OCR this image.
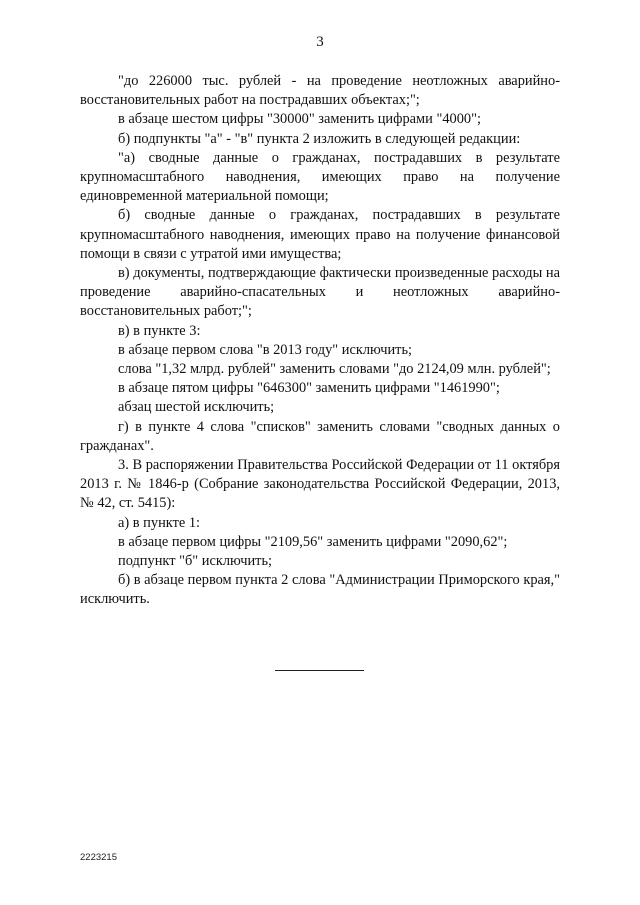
3

"до 226000 тыс. рублей - на проведение неотложных аварийно-восстановительных работ на пострадавших объектах;";

в абзаце шестом цифры "30000" заменить цифрами "4000";

б) подпункты "а" - "в" пункта 2 изложить в следующей редакции:

"а) сводные данные о гражданах, пострадавших в результате крупномасштабного наводнения, имеющих право на получение единовременной материальной помощи;

б) сводные данные о гражданах, пострадавших в результате крупномасштабного наводнения, имеющих право на получение финансовой помощи в связи с утратой ими имущества;

в) документы, подтверждающие фактически произведенные расходы на проведение аварийно-спасательных и неотложных аварийно-восстановительных работ;";

в) в пункте 3:

в абзаце первом слова "в 2013 году" исключить;

слова "1,32 млрд. рублей" заменить словами "до 2124,09 млн. рублей";

в абзаце пятом цифры "646300" заменить цифрами "1461990";

абзац шестой исключить;

г) в пункте 4 слова "списков" заменить словами "сводных данных о гражданах".

3. В распоряжении Правительства Российской Федерации от 11 октября 2013 г. № 1846-р (Собрание законодательства Российской Федерации, 2013, № 42, ст. 5415):

а) в пункте 1:

в абзаце первом цифры "2109,56" заменить цифрами "2090,62";

подпункт "б" исключить;

б) в абзаце первом пункта 2 слова "Администрации Приморского края," исключить.

2223215
